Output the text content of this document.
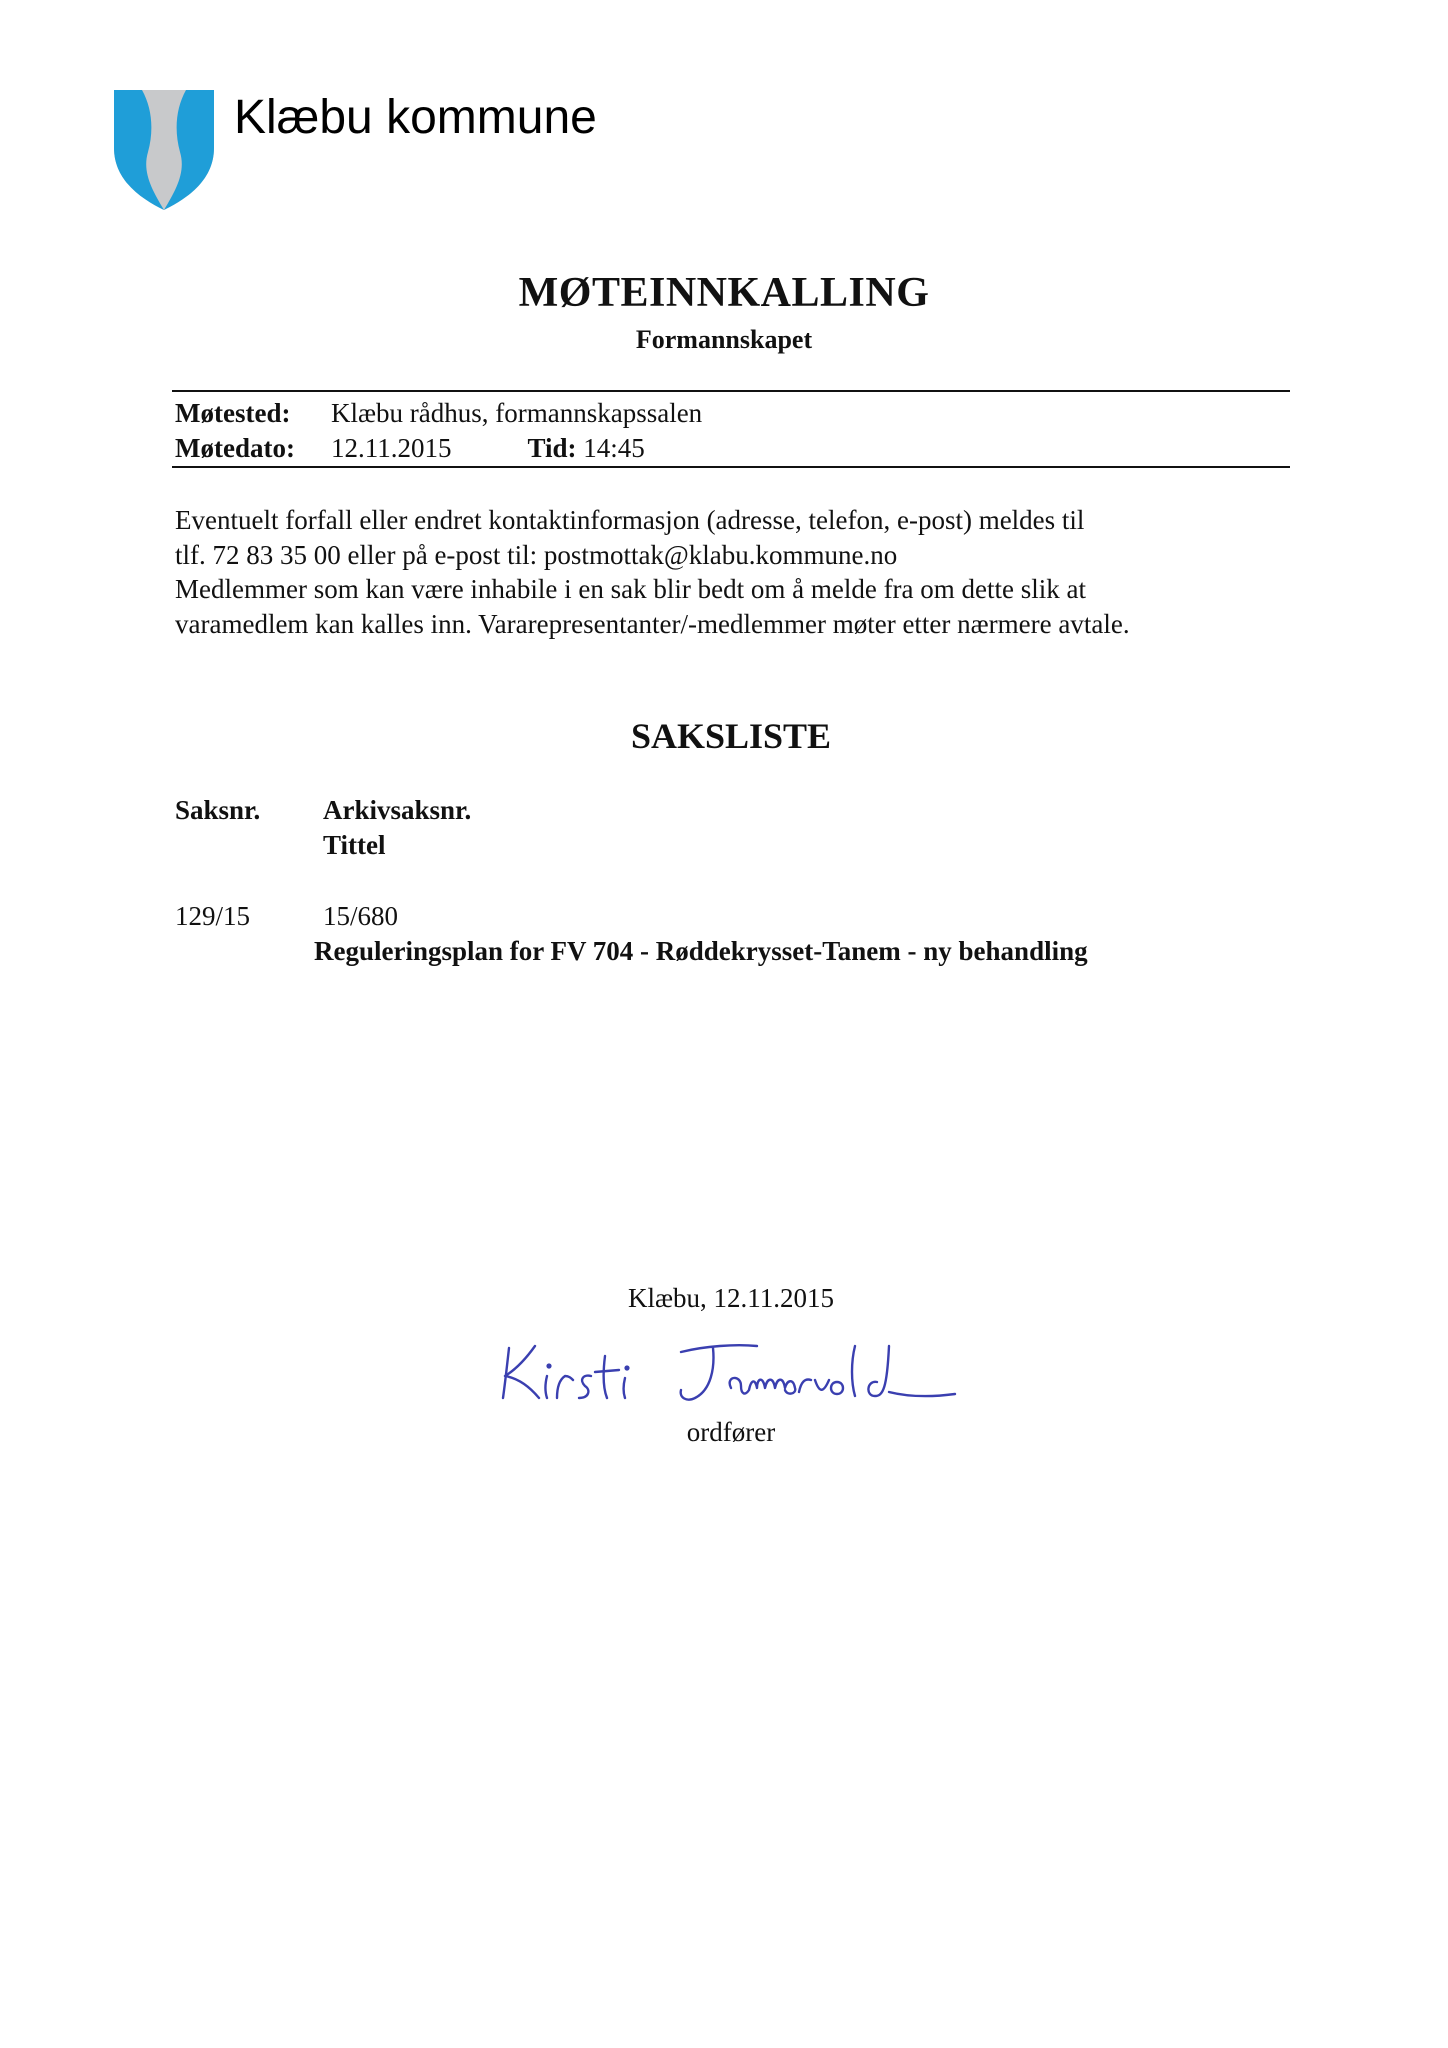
Klæbu kommune
MØTEINNKALLING
Formannskapet
Møtested: Klæbu rådhus, formannskapssalen
Møtedato: 12.11.2015	Tid: 14:45
Eventuelt forfall eller endret kontaktinformasjon (adresse, telefon, e-post) meldes til
tlf. 72 83 35 00 eller på e-post til: postmottak@klabu.kommune.no
Medlemmer som kan være inhabile i en sak blir bedt om å melde fra om dette slik at
varamedlem kan kalles inn. Vararepresentanter/-medlemmer møter etter nærmere avtale.
SAKSLISTE
Saksnr. Arkivsaksnr.
Tittel
129/15	15/680
Reguleringsplan for FV 704 - Røddekrysset-Tanem - ny behandling
Klæbu, 12.11.2015
ordfører
